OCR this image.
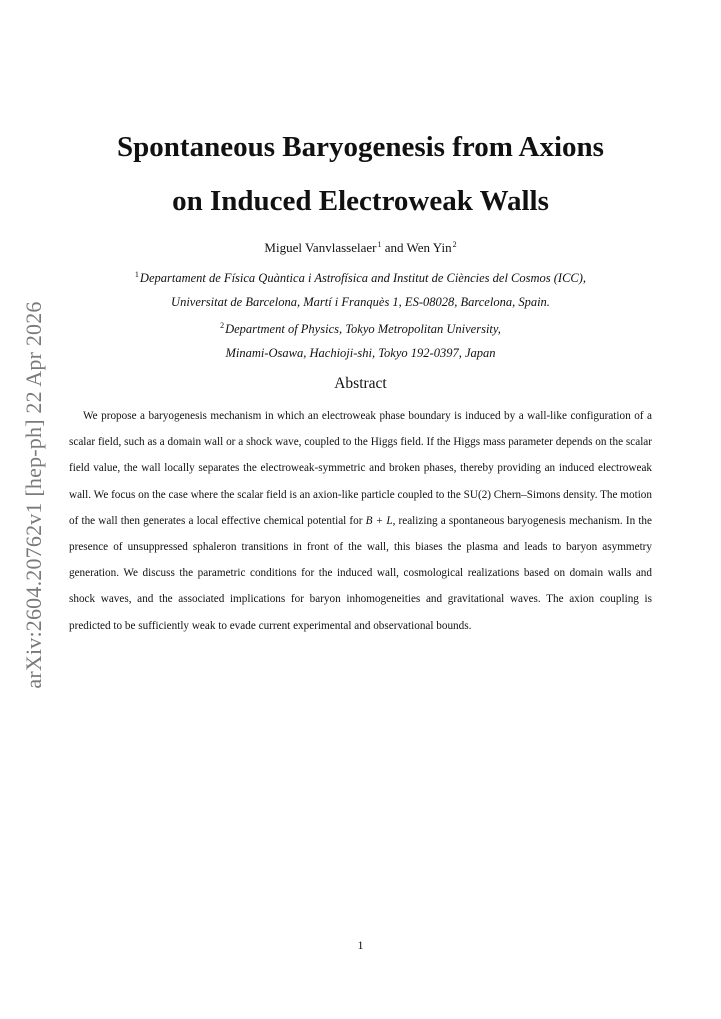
arXiv:2604.20762v1 [hep-ph] 22 Apr 2026
Spontaneous Baryogenesis from Axions
on Induced Electroweak Walls
Miguel Vanvlasselaer$^1$ and Wen Yin$^2$
$^1$Departament de Física Quàntica i Astrofísica and Institut de Ciències del Cosmos (ICC),
Universitat de Barcelona, Martí i Franquès 1, ES-08028, Barcelona, Spain.
$^2$Department of Physics, Tokyo Metropolitan University,
Minami-Osawa, Hachioji-shi, Tokyo 192-0397, Japan
Abstract
We propose a baryogenesis mechanism in which an electroweak phase boundary is induced by a wall-like configuration of a scalar field, such as a domain wall or a shock wave, coupled to the Higgs field. If the Higgs mass parameter depends on the scalar field value, the wall locally separates the electroweak-symmetric and broken phases, thereby providing an induced electroweak wall. We focus on the case where the scalar field is an axion-like particle coupled to the SU(2) Chern–Simons density. The motion of the wall then generates a local effective chemical potential for B + L, realizing a spontaneous baryogenesis mechanism. In the presence of unsuppressed sphaleron transitions in front of the wall, this biases the plasma and leads to baryon asymmetry generation. We discuss the parametric conditions for the induced wall, cosmological realizations based on domain walls and shock waves, and the associated implications for baryon inhomogeneities and gravitational waves. The axion coupling is predicted to be sufficiently weak to evade current experimental and observational bounds.
1
